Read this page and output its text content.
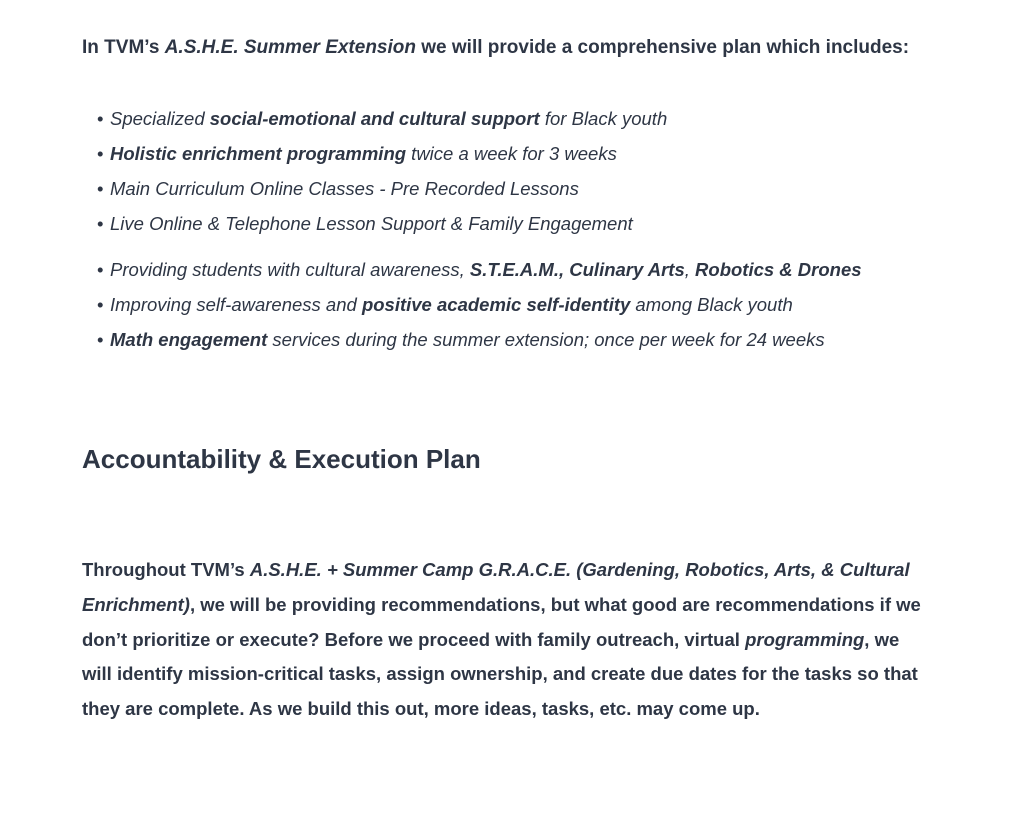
In TVM’s A.S.H.E. Summer Extension we will provide a comprehensive plan which includes:
• Specialized social-emotional and cultural support for Black youth
• Holistic enrichment programming twice a week for 3 weeks
• Main Curriculum Online Classes - Pre Recorded Lessons
• Live Online & Telephone Lesson Support & Family Engagement
• Providing students with cultural awareness, S.T.E.A.M., Culinary Arts, Robotics & Drones
• Improving self-awareness and positive academic self-identity among Black youth
• Math engagement services during the summer extension; once per week for 24 weeks
Accountability & Execution Plan

Throughout TVM’s A.S.H.E. + Summer Camp G.R.A.C.E. (Gardening, Robotics, Arts, & Cultural Enrichment), we will be providing recommendations, but what good are recommendations if we don’t prioritize or execute? Before we proceed with family outreach, virtual programming, we will identify mission-critical tasks, assign ownership, and create due dates for the tasks so that they are complete. As we build this out, more ideas, tasks, etc. may come up.
